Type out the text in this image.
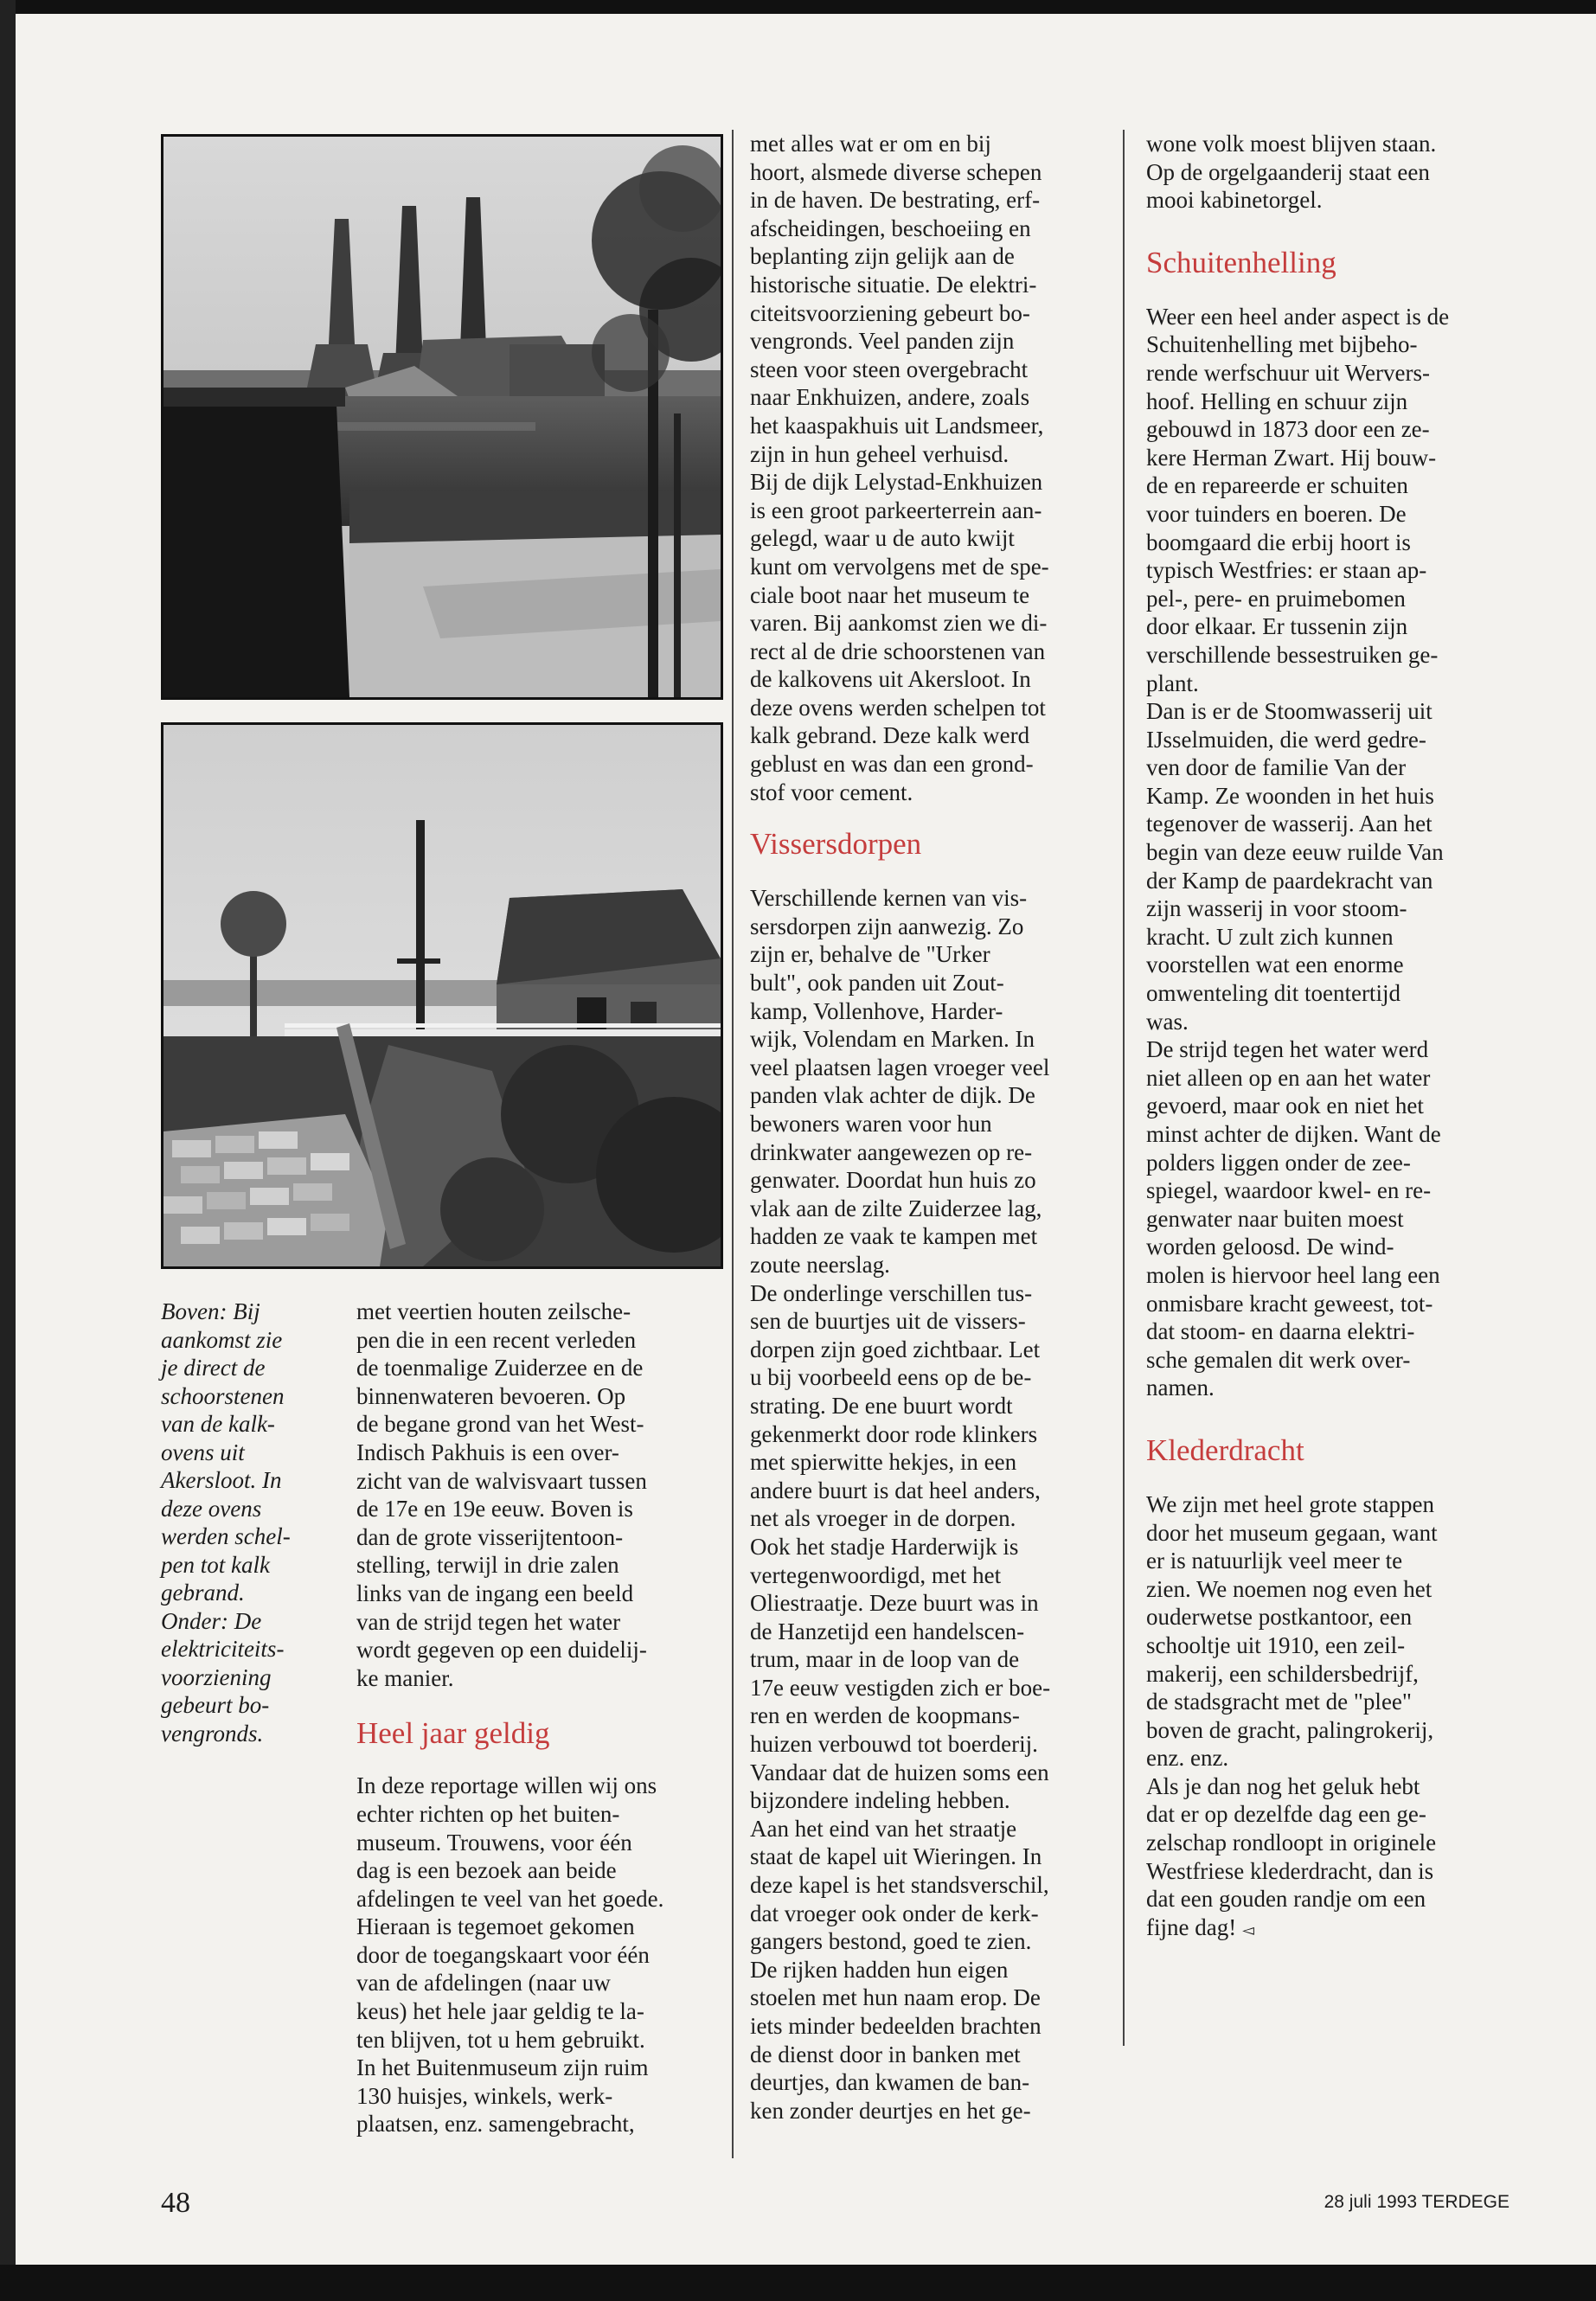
Boven: Bij

aankomst zie

je direct de

schoorstenen

van de kalk-

ovens uit

Akersloot. In

deze ovens

werden schel-

pen tot kalk

gebrand.

Onder: De

elektriciteits-

voorziening

gebeurt bo-

vengronds.

met veertien houten zeilsche-

pen die in een recent verleden

de toenmalige Zuiderzee en de

binnenwateren bevoeren. Op

de begane grond van het West-

Indisch Pakhuis is een over-

zicht van de walvisvaart tussen

de 17e en 19e eeuw. Boven is

dan de grote visserijtentoon-

stelling, terwijl in drie zalen

links van de ingang een beeld

van de strijd tegen het water

wordt gegeven op een duidelij-

ke manier.

Heel jaar geldig

In deze reportage willen wij ons

echter richten op het buiten-

museum. Trouwens, voor één

dag is een bezoek aan beide

afdelingen te veel van het goede.

Hieraan is tegemoet gekomen

door de toegangskaart voor één

van de afdelingen (naar uw

keus) het hele jaar geldig te la-

ten blijven, tot u hem gebruikt.

In het Buitenmuseum zijn ruim

130 huisjes, winkels, werk-

plaatsen, enz. samengebracht,

met alles wat er om en bij

hoort, alsmede diverse schepen

in de haven. De bestrating, erf-

afscheidingen, beschoeiing en

beplanting zijn gelijk aan de

historische situatie. De elektri-

citeitsvoorziening gebeurt bo-

vengronds. Veel panden zijn

steen voor steen overgebracht

naar Enkhuizen, andere, zoals

het kaaspakhuis uit Landsmeer,

zijn in hun geheel verhuisd.

Bij de dijk Lelystad-Enkhuizen

is een groot parkeerterrein aan-

gelegd, waar u de auto kwijt

kunt om vervolgens met de spe-

ciale boot naar het museum te

varen. Bij aankomst zien we di-

rect al de drie schoorstenen van

de kalkovens uit Akersloot. In

deze ovens werden schelpen tot

kalk gebrand. Deze kalk werd

geblust en was dan een grond-

stof voor cement.

Vissersdorpen

Verschillende kernen van vis-

sersdorpen zijn aanwezig. Zo

zijn er, behalve de "Urker

bult", ook panden uit Zout-

kamp, Vollenhove, Harder-

wijk, Volendam en Marken. In

veel plaatsen lagen vroeger veel

panden vlak achter de dijk. De

bewoners waren voor hun

drinkwater aangewezen op re-

genwater. Doordat hun huis zo

vlak aan de zilte Zuiderzee lag,

hadden ze vaak te kampen met

zoute neerslag.

De onderlinge verschillen tus-

sen de buurtjes uit de vissers-

dorpen zijn goed zichtbaar. Let

u bij voorbeeld eens op de be-

strating. De ene buurt wordt

gekenmerkt door rode klinkers

met spierwitte hekjes, in een

andere buurt is dat heel anders,

net als vroeger in de dorpen.

Ook het stadje Harderwijk is

vertegenwoordigd, met het

Oliestraatje. Deze buurt was in

de Hanzetijd een handelscen-

trum, maar in de loop van de

17e eeuw vestigden zich er boe-

ren en werden de koopmans-

huizen verbouwd tot boerderij.

Vandaar dat de huizen soms een

bijzondere indeling hebben.

Aan het eind van het straatje

staat de kapel uit Wieringen. In

deze kapel is het standsverschil,

dat vroeger ook onder de kerk-

gangers bestond, goed te zien.

De rijken hadden hun eigen

stoelen met hun naam erop. De

iets minder bedeelden brachten

de dienst door in banken met

deurtjes, dan kwamen de ban-

ken zonder deurtjes en het ge-

wone volk moest blijven staan.

Op de orgelgaanderij staat een

mooi kabinetorgel.

Schuitenhelling

Weer een heel ander aspect is de

Schuitenhelling met bijbeho-

rende werfschuur uit Wervers-

hoof. Helling en schuur zijn

gebouwd in 1873 door een ze-

kere Herman Zwart. Hij bouw-

de en repareerde er schuiten

voor tuinders en boeren. De

boomgaard die erbij hoort is

typisch Westfries: er staan ap-

pel-, pere- en pruimebomen

door elkaar. Er tussenin zijn

verschillende bessestruiken ge-

plant.

Dan is er de Stoomwasserij uit

IJsselmuiden, die werd gedre-

ven door de familie Van der

Kamp. Ze woonden in het huis

tegenover de wasserij. Aan het

begin van deze eeuw ruilde Van

der Kamp de paardekracht van

zijn wasserij in voor stoom-

kracht. U zult zich kunnen

voorstellen wat een enorme

omwenteling dit toentertijd

was.

De strijd tegen het water werd

niet alleen op en aan het water

gevoerd, maar ook en niet het

minst achter de dijken. Want de

polders liggen onder de zee-

spiegel, waardoor kwel- en re-

genwater naar buiten moest

worden geloosd. De wind-

molen is hiervoor heel lang een

onmisbare kracht geweest, tot-

dat stoom- en daarna elektri-

sche gemalen dit werk over-

namen.

Klederdracht

We zijn met heel grote stappen

door het museum gegaan, want

er is natuurlijk veel meer te

zien. We noemen nog even het

ouderwetse postkantoor, een

schooltje uit 1910, een zeil-

makerij, een schildersbedrijf,

de stadsgracht met de "plee"

boven de gracht, palingrokerij,

enz. enz.

Als je dan nog het geluk hebt

dat er op dezelfde dag een ge-

zelschap rondloopt in originele

Westfriese klederdracht, dan is

dat een gouden randje om een

fijne dag! ◅

48	28 juli 1993 TERDEGE
